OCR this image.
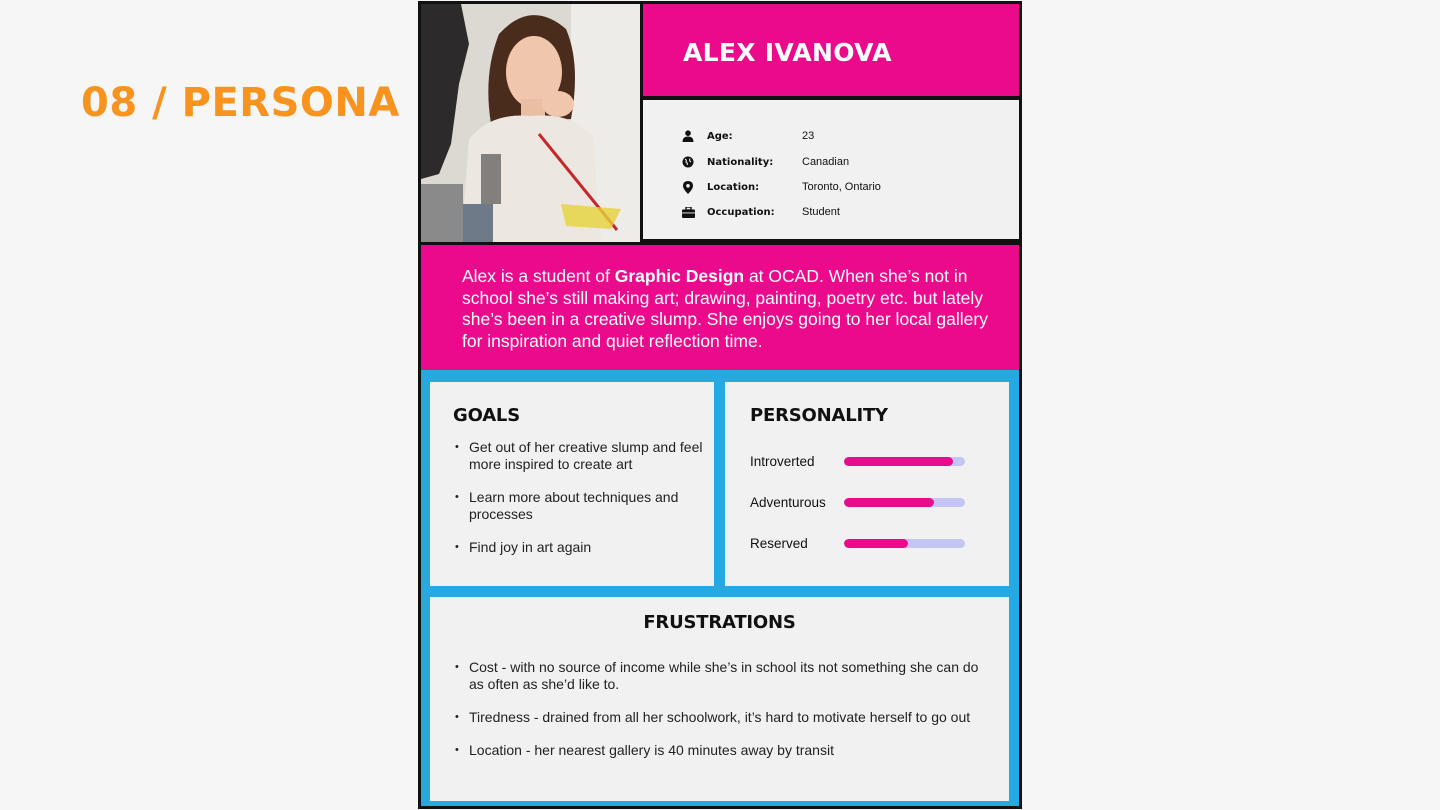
08 / PERSONA
ALEX IVANOVA
Age:	23
Nationality:	Canadian
Location:	Toronto, Ontario
Occupation:	Student

Alex is a student of Graphic Design at OCAD. When she’s not in school she’s still making art; drawing, painting, poetry etc. but lately she’s been in a creative slump. She enjoys going to her local gallery for inspiration and quiet reflection time.

GOALS
• Get out of her creative slump and feel more inspired to create art
• Learn more about techniques and processes
• Find joy in art again
PERSONALITY
Introverted
Adventurous
Reserved
FRUSTRATIONS
• Cost - with no source of income while she’s in school its not something she can do as often as she’d like to.
• Tiredness - drained from all her schoolwork, it’s hard to motivate herself to go out
• Location - her nearest gallery is 40 minutes away by transit
